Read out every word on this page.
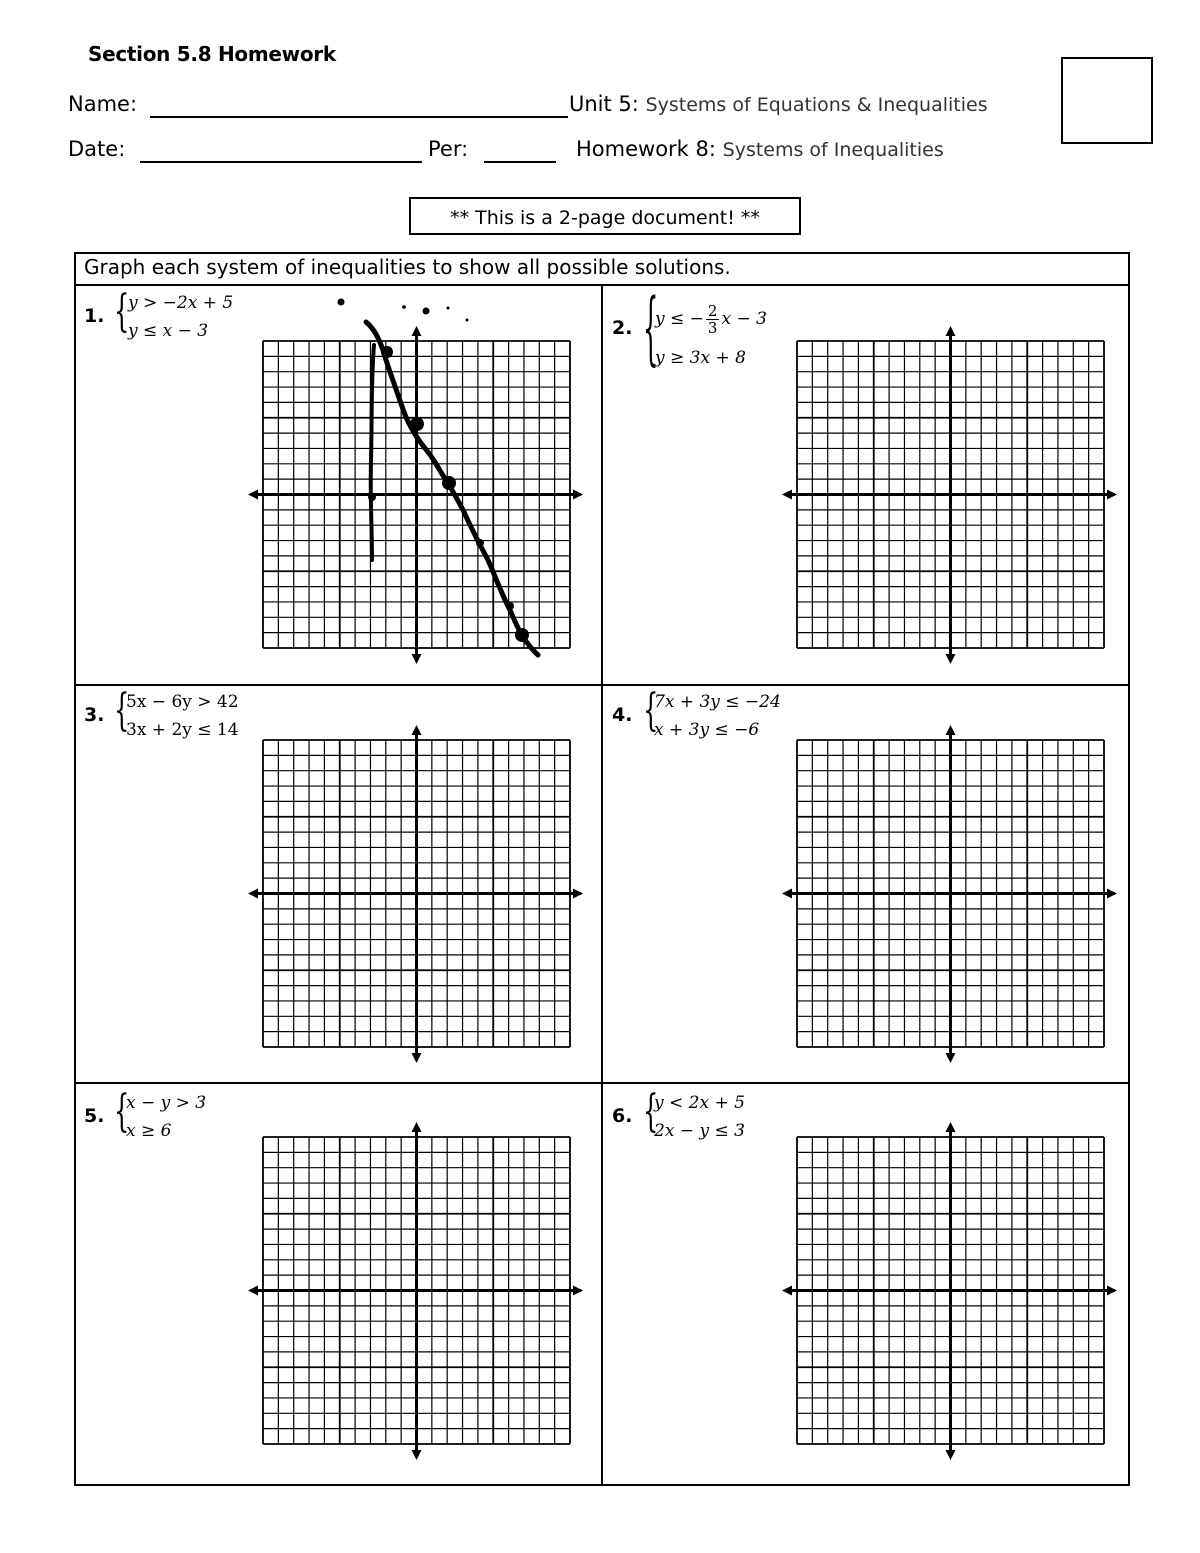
Section 5.8 Homework
Name:	Unit 5: Systems of Equations & Inequalities
Date:	Per:	Homework 8: Systems of Inequalities
** This is a 2-page document! **
Graph each system of inequalities to show all possible solutions.
1. {
y > −2x + 5
y ≤ x − 3	2. {
y ≤ − $\frac{2}{3}$ x − 3
y ≥ 3x + 8
3. {
5x − 6y > 42
3x + 2y ≤ 14
4. {
7x + 3y ≤ −24
x + 3y ≤ −6
5. {
x − y > 3
x ≥ 6
6. {
y < 2x + 5
2x − y ≤ 3
